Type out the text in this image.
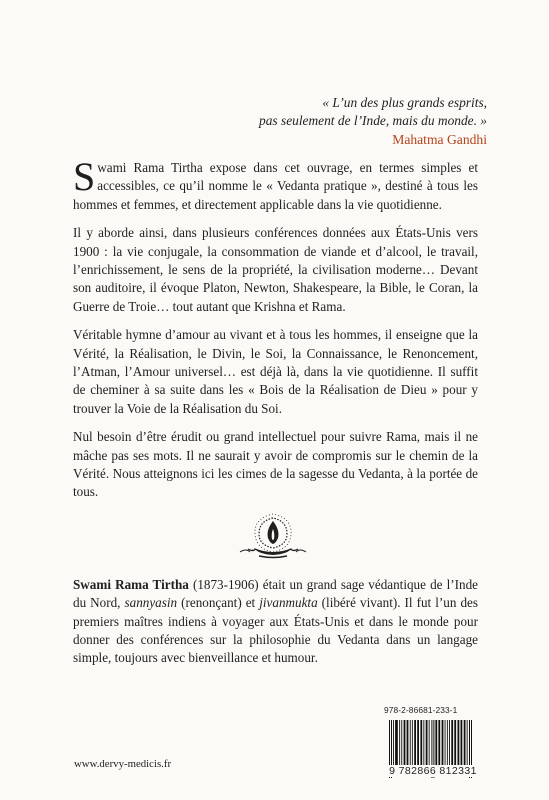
« L’un des plus grands esprits,
pas seulement de l’Inde, mais du monde. »
Mahatma Gandhi

Swami Rama Tirtha expose dans cet ouvrage, en termes simples et accessibles, ce qu’il nomme le « Vedanta pratique », destiné à tous les hommes et femmes, et directement applicable dans la vie quotidienne.

Il y aborde ainsi, dans plusieurs conférences données aux États-Unis vers 1900 : la vie conjugale, la consommation de viande et d’alcool, le travail, l’enrichissement, le sens de la propriété, la civilisation moderne… Devant son auditoire, il évoque Platon, Newton, Shakespeare, la Bible, le Coran, la Guerre de Troie… tout autant que Krishna et Rama.

Véritable hymne d’amour au vivant et à tous les hommes, il enseigne que la Vérité, la Réalisation, le Divin, le Soi, la Connaissance, le Renoncement, l’Atman, l’Amour universel… est déjà là, dans la vie quotidienne. Il suffit de cheminer à sa suite dans les « Bois de la Réalisation de Dieu » pour y trouver la Voie de la Réalisation du Soi.

Nul besoin d’être érudit ou grand intellectuel pour suivre Rama, mais il ne mâche pas ses mots. Il ne saurait y avoir de compromis sur le chemin de la Vérité. Nous atteignons ici les cimes de la sagesse du Vedanta, à la portée de tous.

Swami Rama Tirtha (1873-1906) était un grand sage védantique de l’Inde du Nord, sannyasin (renonçant) et jivanmukta (libéré vivant). Il fut l’un des premiers maîtres indiens à voyager aux États-Unis et dans le monde pour donner des conférences sur la philosophie du Vedanta dans un langage simple, toujours avec bienveillance et humour.
www.dervy-medicis.fr
978-2-86681-233-1
9 782866 812331
